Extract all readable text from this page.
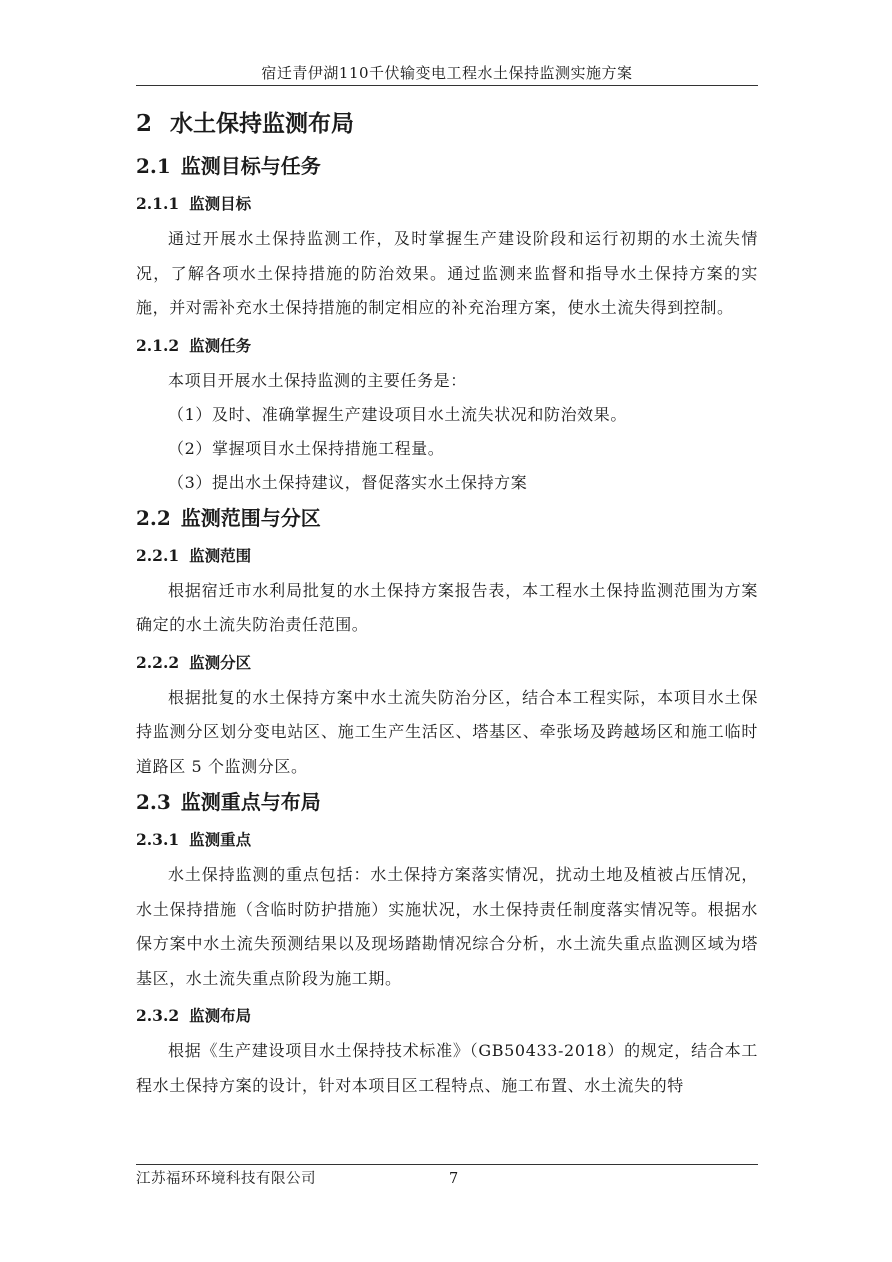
宿迁青伊湖110千伏输变电工程水土保持监测实施方案
2 水土保持监测布局
2.1 监测目标与任务
2.1.1 监测目标

通过开展水土保持监测工作，及时掌握生产建设阶段和运行初期的水土流失情况，了解各项水土保持措施的防治效果。通过监测来监督和指导水土保持方案的实施，并对需补充水土保持措施的制定相应的补充治理方案，使水土流失得到控制。

2.1.2 监测任务

本项目开展水土保持监测的主要任务是：

（1）及时、准确掌握生产建设项目水土流失状况和防治效果。

（2）掌握项目水土保持措施工程量。

（3）提出水土保持建议，督促落实水土保持方案

2.2 监测范围与分区
2.2.1 监测范围

根据宿迁市水利局批复的水土保持方案报告表，本工程水土保持监测范围为方案确定的水土流失防治责任范围。

2.2.2 监测分区

根据批复的水土保持方案中水土流失防治分区，结合本工程实际，本项目水土保持监测分区划分变电站区、施工生产生活区、塔基区、牵张场及跨越场区和施工临时道路区 5 个监测分区。

2.3 监测重点与布局
2.3.1 监测重点

水土保持监测的重点包括：水土保持方案落实情况，扰动土地及植被占压情况，水土保持措施（含临时防护措施）实施状况，水土保持责任制度落实情况等。根据水保方案中水土流失预测结果以及现场踏勘情况综合分析，水土流失重点监测区域为塔基区，水土流失重点阶段为施工期。

2.3.2 监测布局

根据《生产建设项目水土保持技术标准》（GB50433-2018）的规定，结合本工程水土保持方案的设计，针对本项目区工程特点、施工布置、水土流失的特

江苏福环环境科技有限公司	7
